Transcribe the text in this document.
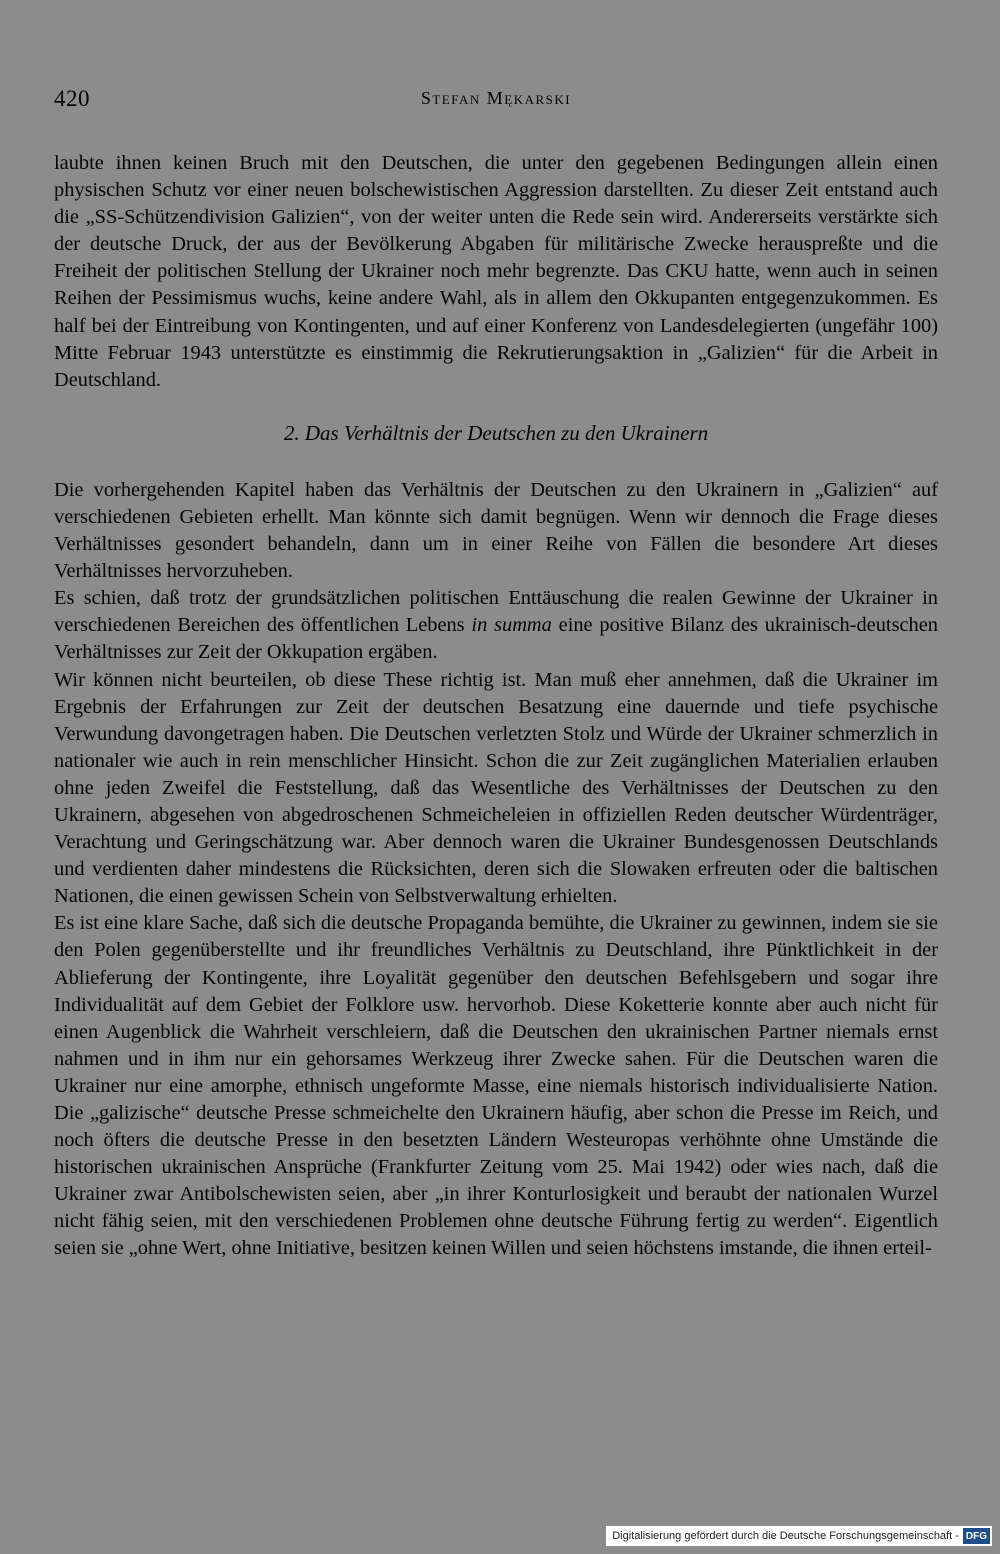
420	Stefan Mękarski

laubte ihnen keinen Bruch mit den Deutschen, die unter den gegebenen Bedingungen allein einen physischen Schutz vor einer neuen bolschewistischen Aggression darstellten. Zu dieser Zeit entstand auch die „SS-Schützendivision Galizien“, von der weiter unten die Rede sein wird. Andererseits verstärkte sich der deutsche Druck, der aus der Bevölkerung Abgaben für militärische Zwecke herauspreßte und die Freiheit der politischen Stellung der Ukrainer noch mehr begrenzte. Das CKU hatte, wenn auch in seinen Reihen der Pessimismus wuchs, keine andere Wahl, als in allem den Okkupanten entgegenzukommen. Es half bei der Eintreibung von Kontingenten, und auf einer Konferenz von Landesdelegierten (ungefähr 100) Mitte Februar 1943 unterstützte es einstimmig die Rekrutierungsaktion in „Galizien“ für die Arbeit in Deutschland.

2. Das Verhältnis der Deutschen zu den Ukrainern

Die vorhergehenden Kapitel haben das Verhältnis der Deutschen zu den Ukrainern in „Galizien“ auf verschiedenen Gebieten erhellt. Man könnte sich damit begnügen. Wenn wir dennoch die Frage dieses Verhältnisses gesondert behandeln, dann um in einer Reihe von Fällen die besondere Art dieses Verhältnisses hervorzuheben.

Es schien, daß trotz der grundsätzlichen politischen Enttäuschung die realen Gewinne der Ukrainer in verschiedenen Bereichen des öffentlichen Lebens in summa eine positive Bilanz des ukrainisch-deutschen Verhältnisses zur Zeit der Okkupation ergäben.

Wir können nicht beurteilen, ob diese These richtig ist. Man muß eher annehmen, daß die Ukrainer im Ergebnis der Erfahrungen zur Zeit der deutschen Besatzung eine dauernde und tiefe psychische Verwundung davongetragen haben. Die Deutschen verletzten Stolz und Würde der Ukrainer schmerzlich in nationaler wie auch in rein menschlicher Hinsicht. Schon die zur Zeit zugänglichen Materialien erlauben ohne jeden Zweifel die Feststellung, daß das Wesentliche des Verhältnisses der Deutschen zu den Ukrainern, abgesehen von abgedroschenen Schmeicheleien in offiziellen Reden deutscher Würdenträger, Verachtung und Geringschätzung war. Aber dennoch waren die Ukrainer Bundesgenossen Deutschlands und verdienten daher mindestens die Rücksichten, deren sich die Slowaken erfreuten oder die baltischen Nationen, die einen gewissen Schein von Selbstverwaltung erhielten.

Es ist eine klare Sache, daß sich die deutsche Propaganda bemühte, die Ukrainer zu gewinnen, indem sie sie den Polen gegenüberstellte und ihr freundliches Verhältnis zu Deutschland, ihre Pünktlichkeit in der Ablieferung der Kontingente, ihre Loyalität gegenüber den deutschen Befehlsgebern und sogar ihre Individualität auf dem Gebiet der Folklore usw. hervorhob. Diese Koketterie konnte aber auch nicht für einen Augenblick die Wahrheit verschleiern, daß die Deutschen den ukrainischen Partner niemals ernst nahmen und in ihm nur ein gehorsames Werkzeug ihrer Zwecke sahen. Für die Deutschen waren die Ukrainer nur eine amorphe, ethnisch ungeformte Masse, eine niemals historisch individualisierte Nation. Die „galizische“ deutsche Presse schmeichelte den Ukrainern häufig, aber schon die Presse im Reich, und noch öfters die deutsche Presse in den besetzten Ländern Westeuropas verhöhnte ohne Umstände die historischen ukrainischen Ansprüche (Frankfurter Zeitung vom 25. Mai 1942) oder wies nach, daß die Ukrainer zwar Antibolschewisten seien, aber „in ihrer Konturlosigkeit und beraubt der nationalen Wurzel nicht fähig seien, mit den verschiedenen Problemen ohne deutsche Führung fertig zu werden“. Eigentlich seien sie „ohne Wert, ohne Initiative, besitzen keinen Willen und seien höchstens imstande, die ihnen erteil-

Digitalisierung gefördert durch die Deutsche Forschungsgemeinschaft - DFG
